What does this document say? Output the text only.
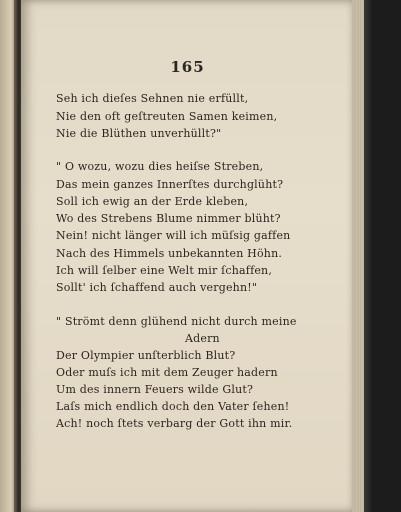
165
Seh ich dieſes Sehnen nie erfüllt,
Nie den oft geſtreuten Samen keimen,
Nie die Blüthen unverhüllt?"
" O wozu, wozu dies heiſse Streben,
Das mein ganzes Innerſtes durchglüht?
Soll ich ewig an der Erde kleben,
Wo des Strebens Blume nimmer blüht?
Nein! nicht länger will ich müſsig gaffen
Nach des Himmels unbekannten Höhn.
Ich will ſelber eine Welt mir ſchaffen,
Sollt' ich ſchaffend auch vergehn!"
" Strömt denn glühend nicht durch meine
Adern
Der Olympier unſterblich Blut?
Oder muſs ich mit dem Zeuger hadern
Um des innern Feuers wilde Glut?
Laſs mich endlich doch den Vater ſehen!
Ach! noch ſtets verbarg der Gott ihn mir.
